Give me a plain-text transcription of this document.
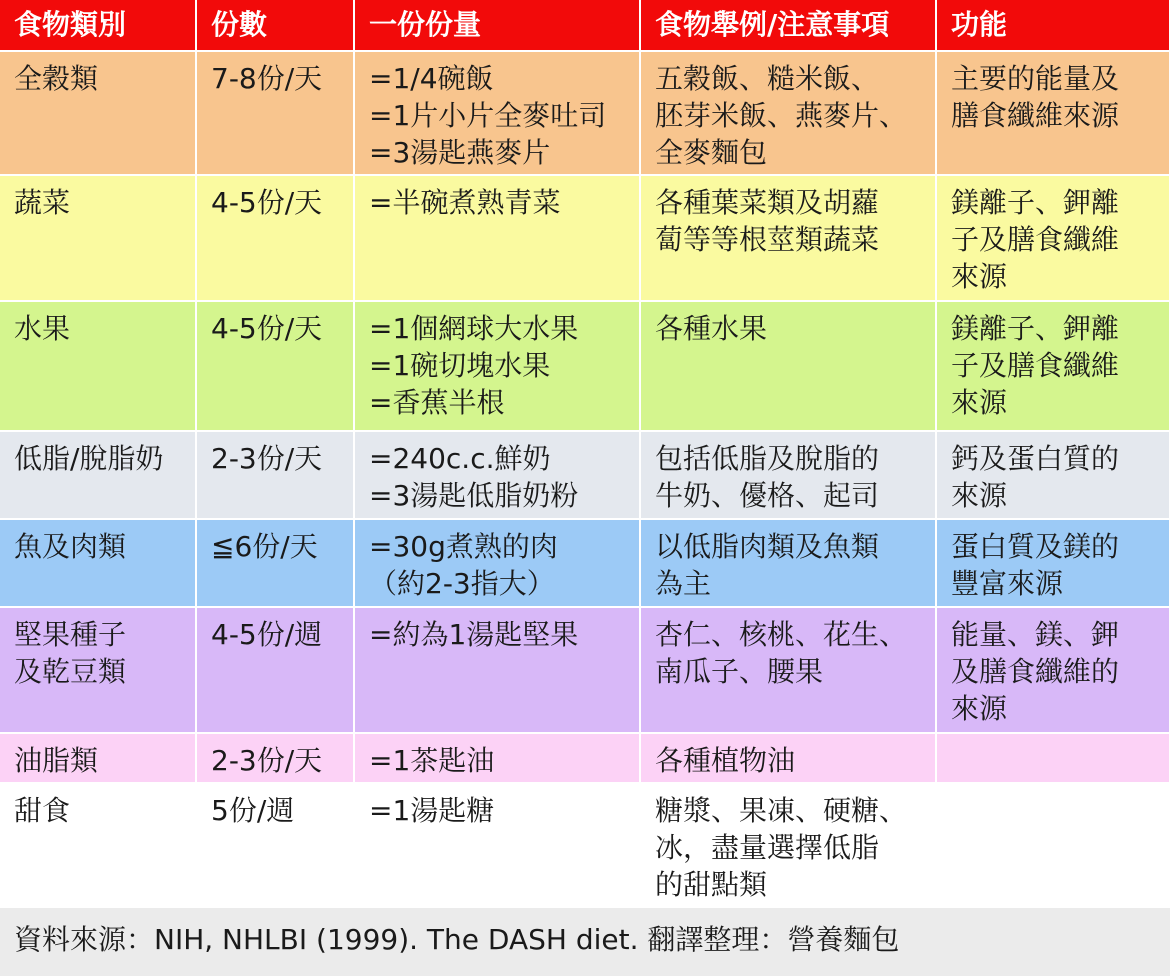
食物類別	份數	一份份量	食物舉例/注意事項	功能

全穀類	7-8份/天	=1/4碗飯
=1片小片全麥吐司
=3湯匙燕麥片	五穀飯、糙米飯、
胚芽米飯、燕麥片、
全麥麵包	主要的能量及
膳食纖維來源

蔬菜	4-5份/天	=半碗煮熟青菜	各種葉菜類及胡蘿
蔔等等根莖類蔬菜	鎂離子、鉀離
子及膳食纖維
來源

水果	4-5份/天	=1個網球大水果
=1碗切塊水果
=香蕉半根	各種水果	鎂離子、鉀離
子及膳食纖維
來源

低脂/脫脂奶	2-3份/天	=240c.c.鮮奶
=3湯匙低脂奶粉	包括低脂及脫脂的
牛奶、優格、起司	鈣及蛋白質的
來源

魚及肉類	≦6份/天	=30g煮熟的肉
（約2-3指大）	以低脂肉類及魚類
為主	蛋白質及鎂的
豐富來源

堅果種子
及乾豆類	4-5份/週	=約為1湯匙堅果	杏仁、核桃、花生、
南瓜子、腰果	能量、鎂、鉀
及膳食纖維的
來源

油脂類	2-3份/天	=1茶匙油	各種植物油	

甜食	5份/週	=1湯匙糖	糖漿、果凍、硬糖、
冰，盡量選擇低脂
的甜點類	

資料來源：NIH, NHLBI (1999). The DASH diet. 翻譯整理：營養麵包
